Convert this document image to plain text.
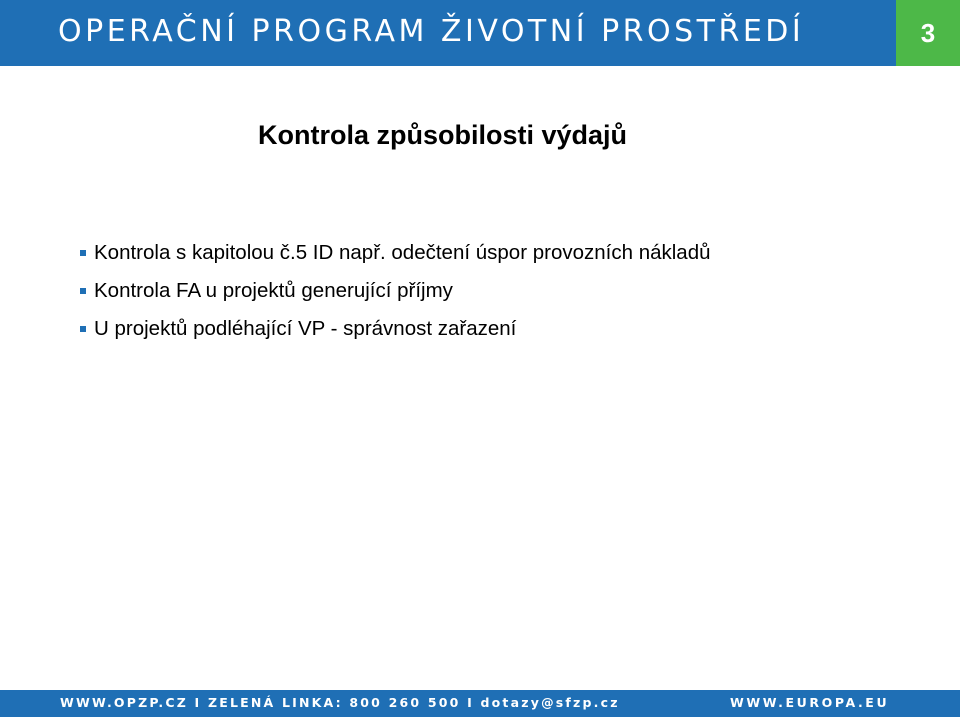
OPERAČNÍ PROGRAM ŽIVOTNÍ PROSTŘEDÍ	3
Kontrola způsobilosti výdajů
Kontrola s kapitolou č.5 ID např. odečtení úspor provozních nákladů
Kontrola FA u projektů generující příjmy
U projektů podléhající VP - správnost zařazení
WWW.OPZP.CZ I ZELENÁ LINKA: 800 260 500 I dotazy@sfzp.cz	WWW.EUROPA.EU
